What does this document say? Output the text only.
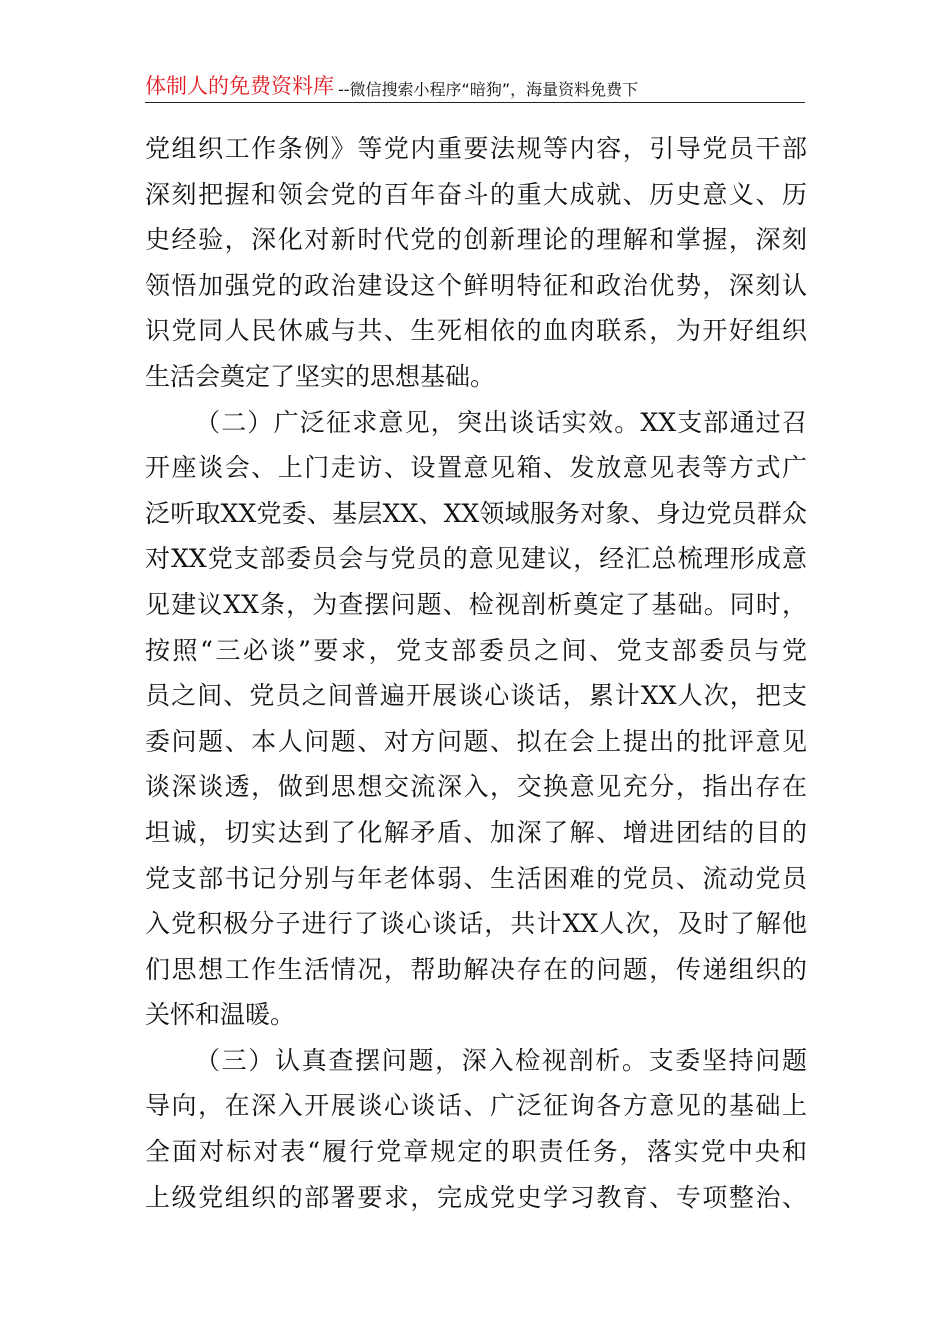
体制人的免费资料库 --微信搜索小程序“暗狗”，海量资料免费下
党组织工作条例》等党内重要法规等内容，引导党员干部
深刻把握和领会党的百年奋斗的重大成就、历史意义、历
史经验，深化对新时代党的创新理论的理解和掌握，深刻
领悟加强党的政治建设这个鲜明特征和政治优势，深刻认
识党同人民休戚与共、生死相依的血肉联系，为开好组织
生活会奠定了坚实的思想基础。
（二）广泛征求意见，突出谈话实效。XX支部通过召
开座谈会、上门走访、设置意见箱、发放意见表等方式广
泛听取XX党委、基层XX、XX领域服务对象、身边党员群众
对XX党支部委员会与党员的意见建议，经汇总梳理形成意
见建议XX条，为查摆问题、检视剖析奠定了基础。同时，
按照“三必谈”要求，党支部委员之间、党支部委员与党
员之间、党员之间普遍开展谈心谈话，累计XX人次，把支
委问题、本人问题、对方问题、拟在会上提出的批评意见
谈深谈透，做到思想交流深入，交换意见充分，指出存在
坦诚，切实达到了化解矛盾、加深了解、增进团结的目的
党支部书记分别与年老体弱、生活困难的党员、流动党员
入党积极分子进行了谈心谈话，共计XX人次，及时了解他
们思想工作生活情况，帮助解决存在的问题，传递组织的
关怀和温暖。
（三）认真查摆问题，深入检视剖析。支委坚持问题
导向，在深入开展谈心谈话、广泛征询各方意见的基础上
全面对标对表“履行党章规定的职责任务，落实党中央和
上级党组织的部署要求，完成党史学习教育、专项整治、
